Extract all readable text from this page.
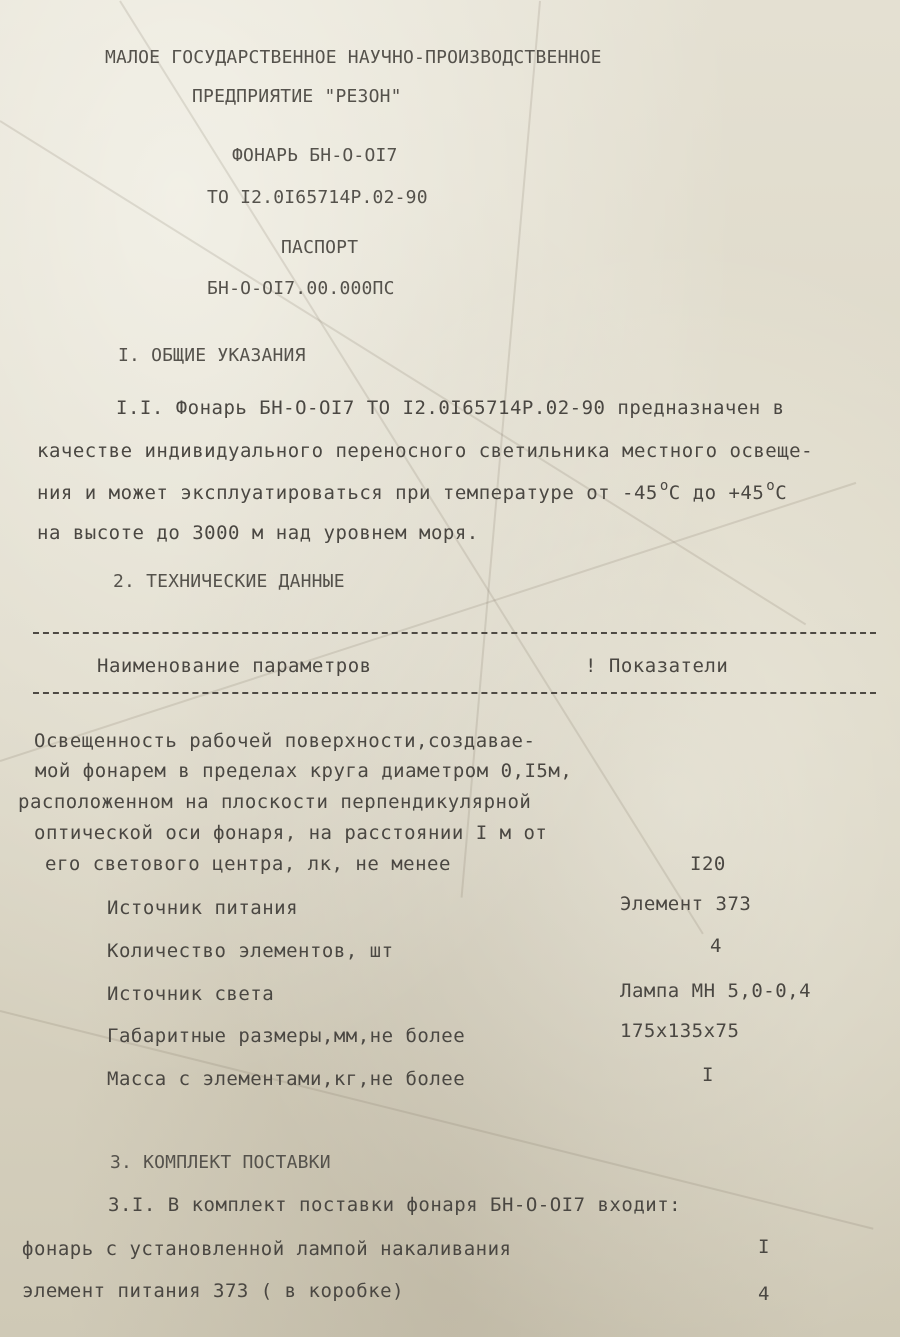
МАЛОЕ ГОСУДАРСТВЕННОЕ НАУЧНО-ПРОИЗВОДСТВЕННОЕ
ПРЕДПРИЯТИЕ "РЕЗОН"
ФОНАРЬ БН-О-ОI7
ТО I2.0I65714Р.02-90
ПАСПОРТ
БН-О-ОI7.00.000ПС
I. ОБЩИЕ УКАЗАНИЯ
I.I. Фонарь БН-О-ОI7 ТО I2.0I65714Р.02-90 предназначен в
качестве индивидуального переносного светильника местного освеще-
ния и может эксплуатироваться при температуре от -45 $^о$С до +45 $^о$С
на высоте до 3000 м над уровнем моря.
2. ТЕХНИЧЕСКИЕ ДАННЫЕ
Наименование параметров	! Показатели
Освещенность рабочей поверхности,создавае-
мой фонарем в пределах круга диаметром 0,I5м,
расположенном на плоскости перпендикулярной
оптической оси фонаря, на расстоянии I м от
его светового центра, лк, не менее	I20
Источник питания	Элемент 373
Количество элементов, шт	4
Источник света	Лампа МН 5,0-0,4
Габаритные размеры,мм,не более	175х135х75
Масса с элементами,кг,не более	I
3. КОМПЛЕКТ ПОСТАВКИ
3.I. В комплект поставки фонаря БН-О-ОI7 входит:
фонарь с установленной лампой накаливания	I
элемент питания 373 ( в коробке)	4
